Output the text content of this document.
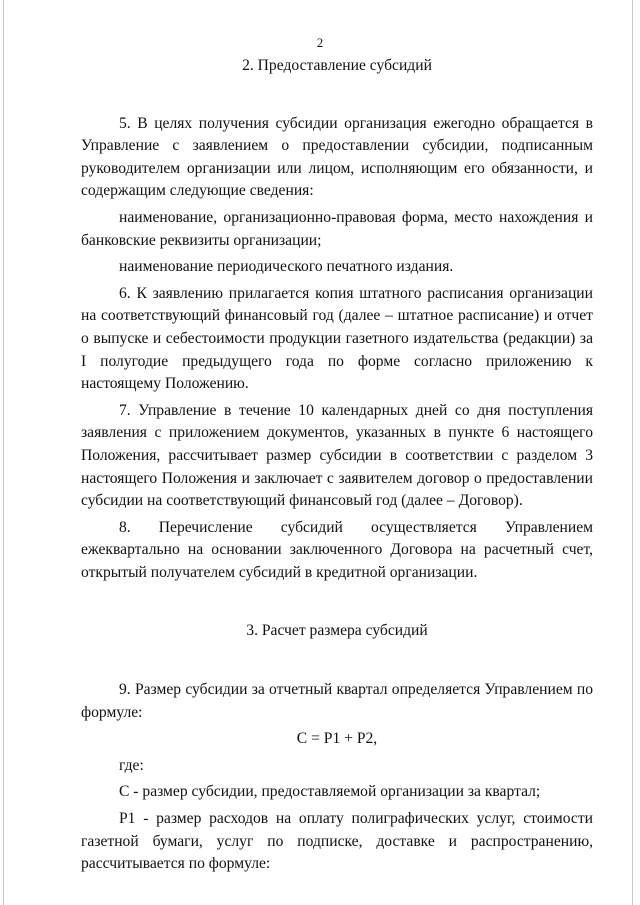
2

2. Предоставление субсидий

5. В целях получения субсидии организация ежегодно обращается в Управление с заявлением о предоставлении субсидии, подписанным руководителем организации или лицом, исполняющим его обязанности, и содержащим следующие сведения:

наименование, организационно-правовая форма, место нахождения и банковские реквизиты организации;

наименование периодического печатного издания.

6. К заявлению прилагается копия штатного расписания организации на соответствующий финансовый год (далее – штатное расписание) и отчет о выпуске и себестоимости продукции газетного издательства (редакции) за I полугодие предыдущего года по форме согласно приложению к настоящему Положению.

7. Управление в течение 10 календарных дней со дня поступления заявления с приложением документов, указанных в пункте 6 настоящего Положения, рассчитывает размер субсидии в соответствии с разделом 3 настоящего Положения и заключает с заявителем договор о предоставлении субсидии на соответствующий финансовый год (далее – Договор).

8. Перечисление субсидий осуществляется Управлением ежеквартально на основании заключенного Договора на расчетный счет, открытый получателем субсидий в кредитной организации.

3. Расчет размера субсидий

9. Размер субсидии за отчетный квартал определяется Управлением по формуле:

С = Р1 + Р2,

где:

С - размер субсидии, предоставляемой организации за квартал;

Р1 - размер расходов на оплату полиграфических услуг, стоимости газетной бумаги, услуг по подписке, доставке и распространению, рассчитывается по формуле:
